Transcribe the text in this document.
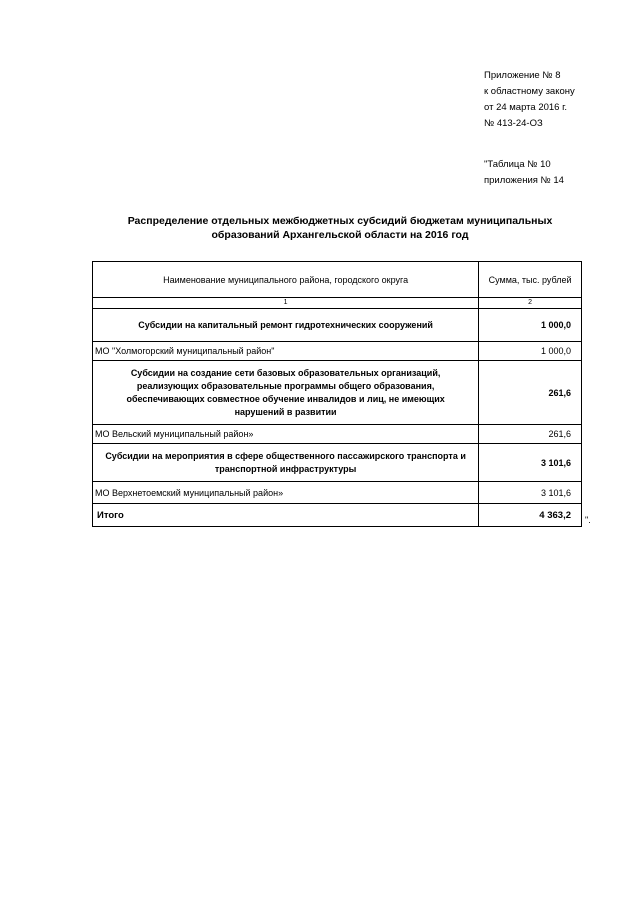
Приложение № 8
к областному закону
от 24 марта 2016 г.
№ 413-24-ОЗ
"Таблица № 10
приложения № 14
Распределение отдельных межбюджетных субсидий бюджетам муниципальных
образований Архангельской области на 2016 год
Наименование муниципального района, городского округа	Сумма, тыс. рублей
1	2
Субсидии на капитальный ремонт гидротехнических сооружений	1 000,0
МО "Холмогорский муниципальный район"	1 000,0
Субсидии на создание сети базовых образовательных организаций, реализующих образовательные программы общего образования, обеспечивающих совместное обучение инвалидов и лиц, не имеющих нарушений в развитии	261,6
МО Вельский муниципальный район»	261,6
Субсидии на мероприятия в сфере общественного пассажирского транспорта и транспортной инфраструктуры	3 101,6
МО Верхнетоемский муниципальный район»	3 101,6
Итого	4 363,2 ".
